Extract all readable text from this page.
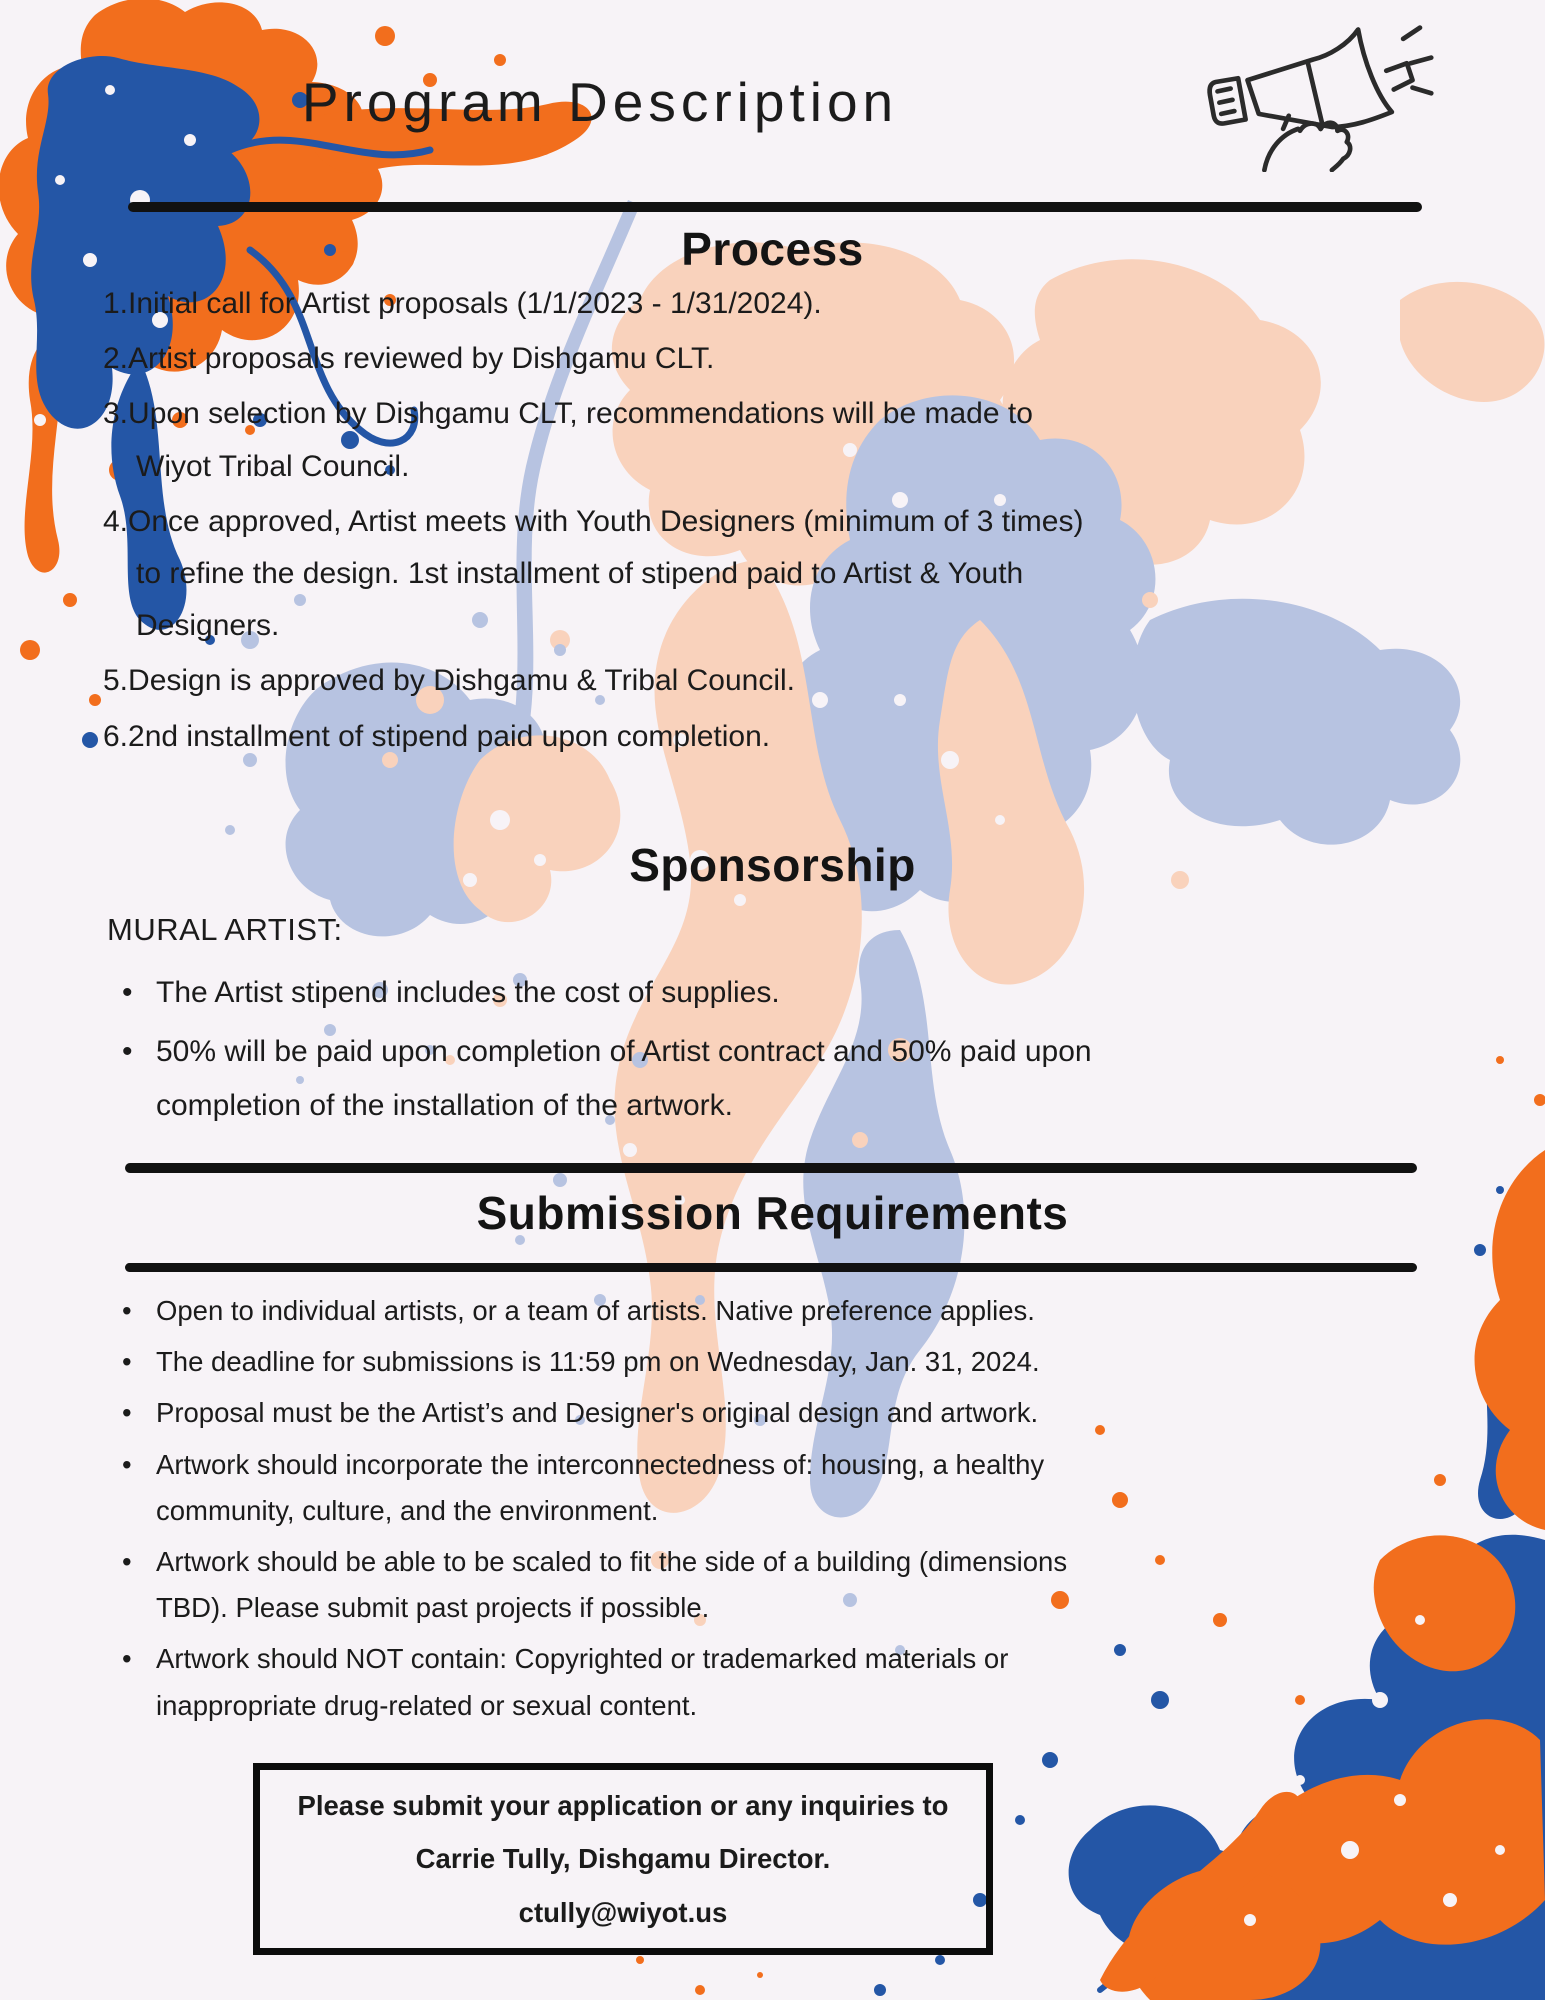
Program Description
Process
1.Initial call for Artist proposals (1/1/2023 - 1/31/2024).
2.Artist proposals reviewed by Dishgamu CLT.
3.Upon selection by Dishgamu CLT, recommendations will be made to Wiyot Tribal Council.
4.Once approved, Artist meets with Youth Designers (minimum of 3 times) to refine the design. 1st installment of stipend paid to Artist & Youth Designers.
5.Design is approved by Dishgamu & Tribal Council.
6.2nd installment of stipend paid upon completion.
Sponsorship
MURAL ARTIST:
• The Artist stipend includes the cost of supplies.
• 50% will be paid upon completion of Artist contract and 50% paid upon completion of the installation of the artwork.
Submission Requirements
• Open to individual artists, or a team of artists. Native preference applies.
• The deadline for submissions is 11:59 pm on Wednesday, Jan. 31, 2024.
• Proposal must be the Artist’s and Designer's original design and artwork.
• Artwork should incorporate the interconnectedness of: housing, a healthy community, culture, and the environment.
• Artwork should be able to be scaled to fit the side of a building (dimensions TBD). Please submit past projects if possible.
• Artwork should NOT contain: Copyrighted or trademarked materials or inappropriate drug-related or sexual content.
Please submit your application or any inquiries to
Carrie Tully, Dishgamu Director.
ctully@wiyot.us
